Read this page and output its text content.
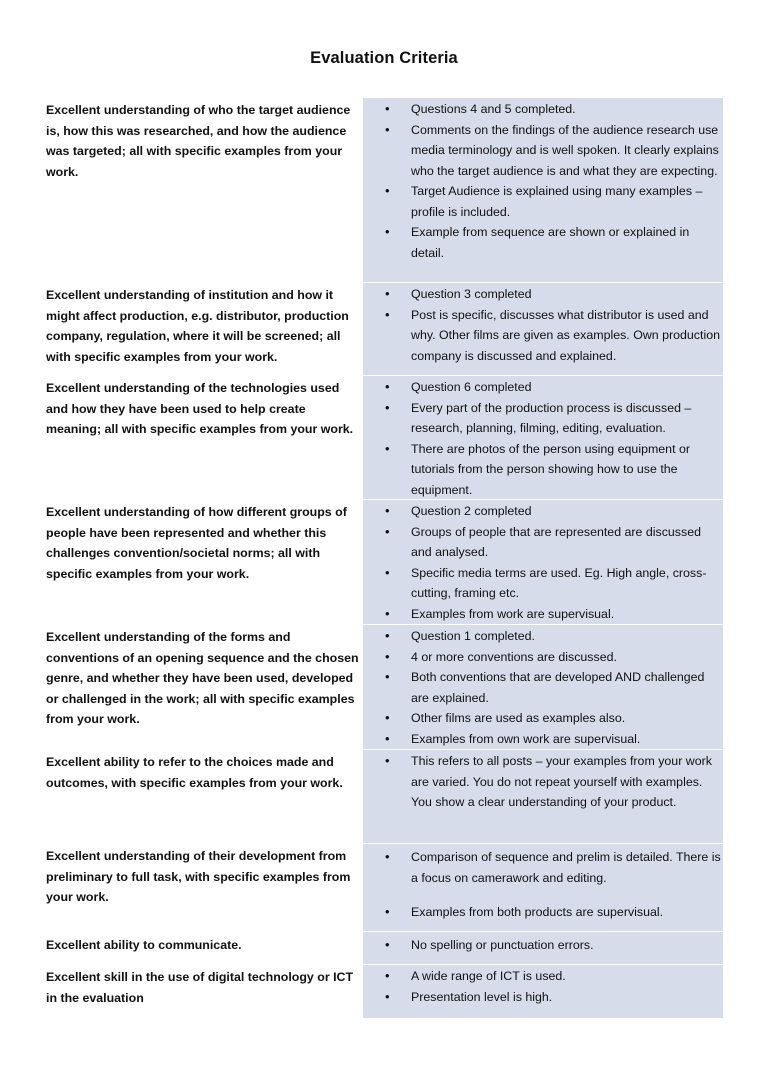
Evaluation Criteria
Excellent understanding of who the target audience is, how this was researched, and how the audience was targeted; all with specific examples from your work.
• Questions 4 and 5 completed.
• Comments on the findings of the audience research use media terminology and is well spoken. It clearly explains who the target audience is and what they are expecting.
• Target Audience is explained using many examples – profile is included.
• Example from sequence are shown or explained in detail.
Excellent understanding of institution and how it might affect production, e.g. distributor, production company, regulation, where it will be screened; all with specific examples from your work.
• Question 3 completed
• Post is specific, discusses what distributor is used and why. Other films are given as examples. Own production company is discussed and explained.
Excellent understanding of the technologies used and how they have been used to help create meaning; all with specific examples from your work.
• Question 6 completed
• Every part of the production process is discussed – research, planning, filming, editing, evaluation.
• There are photos of the person using equipment or tutorials from the person showing how to use the equipment.
Excellent understanding of how different groups of people have been represented and whether this challenges convention/societal norms; all with specific examples from your work.
• Question 2 completed
• Groups of people that are represented are discussed and analysed.
• Specific media terms are used. Eg. High angle, cross-cutting, framing etc.
• Examples from work are supervisual.
Excellent understanding of the forms and conventions of an opening sequence and the chosen genre, and whether they have been used, developed or challenged in the work; all with specific examples from your work.
• Question 1 completed.
• 4 or more conventions are discussed.
• Both conventions that are developed AND challenged are explained.
• Other films are used as examples also.
• Examples from own work are supervisual.
Excellent ability to refer to the choices made and outcomes, with specific examples from your work.
• This refers to all posts – your examples from your work are varied. You do not repeat yourself with examples. You show a clear understanding of your product.
Excellent understanding of their development from preliminary to full task, with specific examples from your work.
• Comparison of sequence and prelim is detailed. There is a focus on camerawork and editing.
• Examples from both products are supervisual.
Excellent ability to communicate.
•	No spelling or punctuation errors.
Excellent skill in the use of digital technology or ICT in the evaluation
• A wide range of ICT is used.
• Presentation level is high.
